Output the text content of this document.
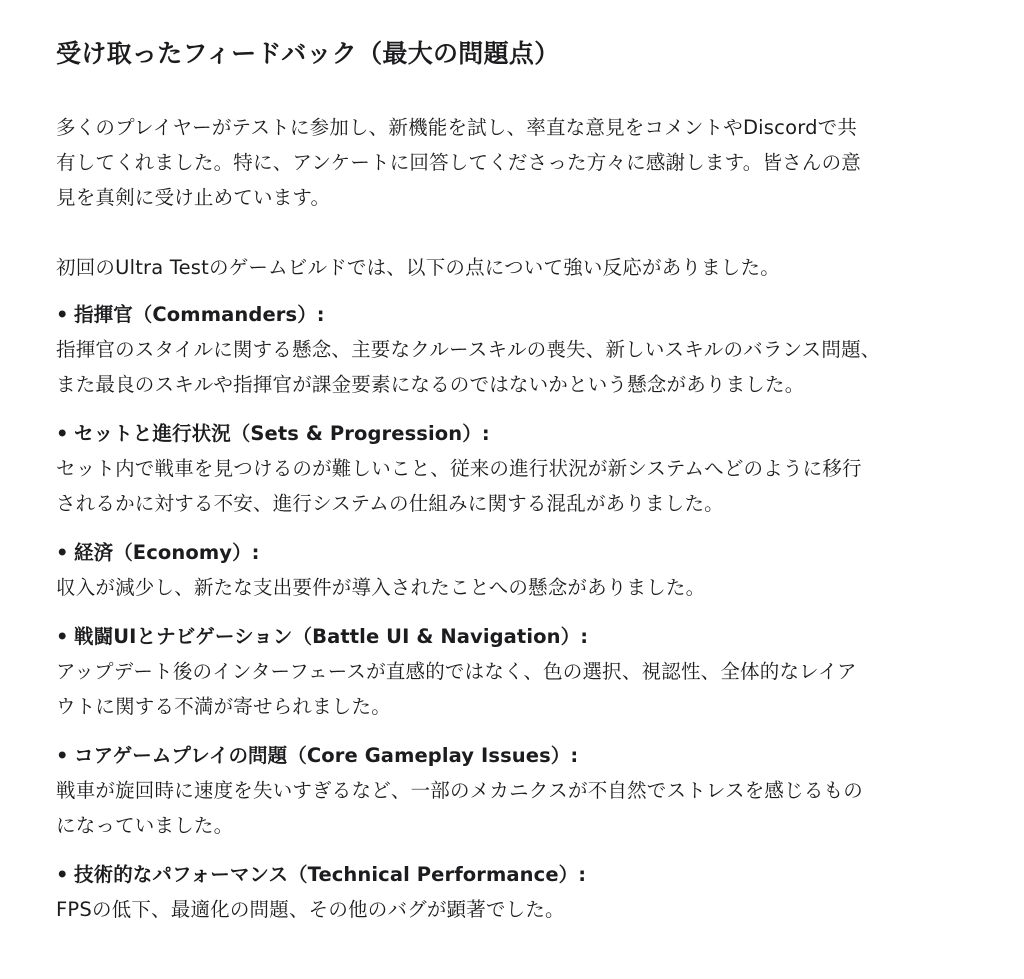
受け取ったフィードバック（最大の問題点）
多くのプレイヤーがテストに参加し、新機能を試し、率直な意見をコメントやDiscordで共
有してくれました。特に、アンケートに回答してくださった方々に感謝します。皆さんの意
見を真剣に受け止めています。

初回のUltra Testのゲームビルドでは、以下の点について強い反応がありました。

• 指揮官（Commanders）:

指揮官のスタイルに関する懸念、主要なクルースキルの喪失、新しいスキルのバランス問題、
また最良のスキルや指揮官が課金要素になるのではないかという懸念がありました。

• セットと進行状況（Sets & Progression）:

セット内で戦車を見つけるのが難しいこと、従来の進行状況が新システムへどのように移行
されるかに対する不安、進行システムの仕組みに関する混乱がありました。

• 経済（Economy）:

収入が減少し、新たな支出要件が導入されたことへの懸念がありました。

• 戦闘UIとナビゲーション（Battle UI & Navigation）:

アップデート後のインターフェースが直感的ではなく、色の選択、視認性、全体的なレイア
ウトに関する不満が寄せられました。

• コアゲームプレイの問題（Core Gameplay Issues）:

戦車が旋回時に速度を失いすぎるなど、一部のメカニクスが不自然でストレスを感じるもの
になっていました。

• 技術的なパフォーマンス（Technical Performance）:

FPSの低下、最適化の問題、その他のバグが顕著でした。
